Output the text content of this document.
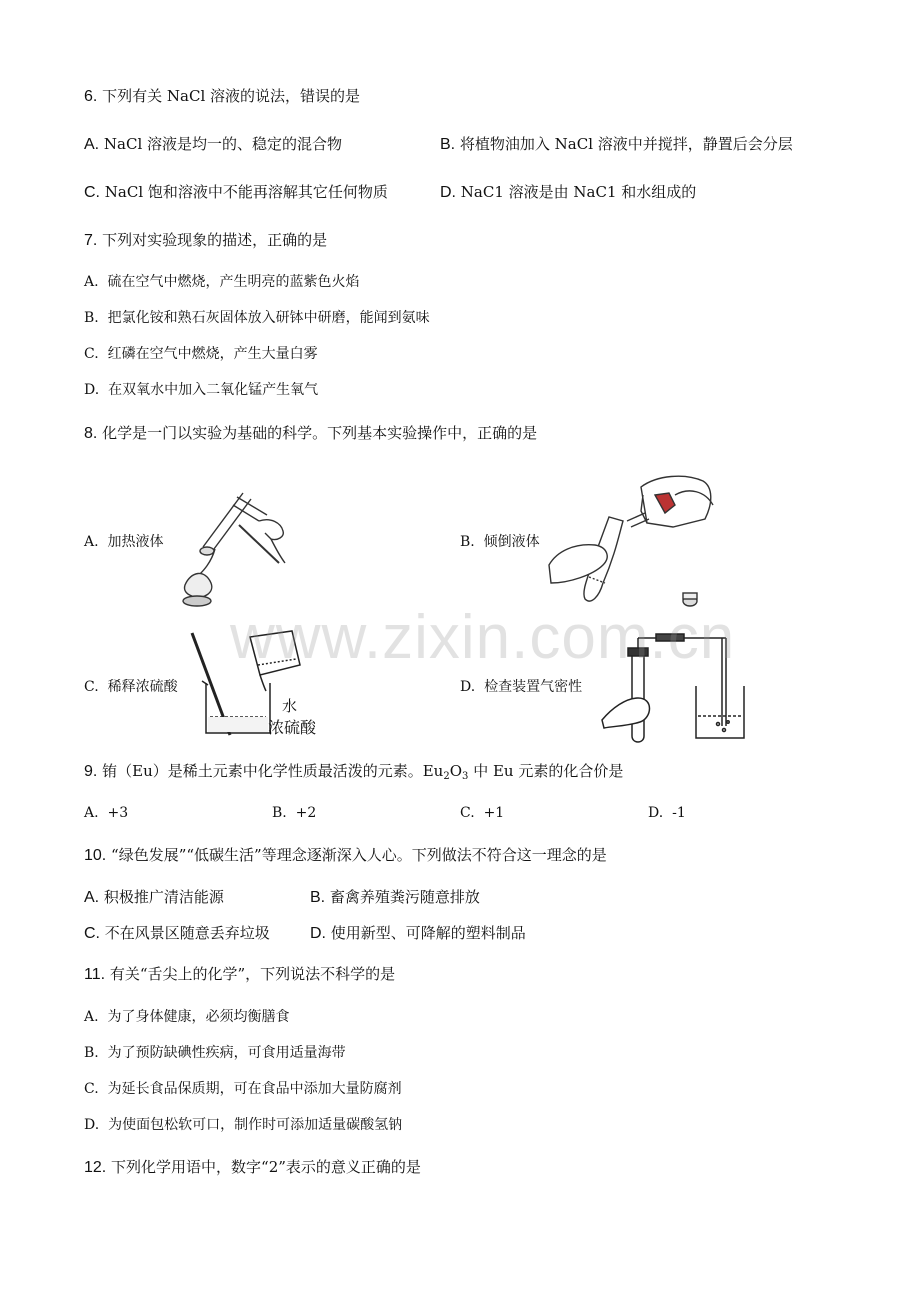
6. 下列有关 NaCl 溶液的说法，错误的是
A. NaCl 溶液是均一的、稳定的混合物	B. 将植物油加入 NaCl 溶液中并搅拌，静置后会分层
C. NaCl 饱和溶液中不能再溶解其它任何物质	D. NaC1 溶液是由 NaC1 和水组成的
7. 下列对实验现象的描述，正确的是
A. 硫在空气中燃烧，产生明亮的蓝紫色火焰
B. 把氯化铵和熟石灰固体放入研钵中研磨，能闻到氨味
C. 红磷在空气中燃烧，产生大量白雾
D. 在双氧水中加入二氧化锰产生氧气
8. 化学是一门以实验为基础的科学。下列基本实验操作中，正确的是
A. 加热液体	B. 倾倒液体
C. 稀释浓硫酸	D. 检查装置气密性
水
浓硫酸
9. 铕（Eu）是稀土元素中化学性质最活泼的元素。$Eu_2O_3$ 中 Eu 元素的化合价是
A. +3	B. +2	C. +1	D. -1
10. “绿色发展”“低碳生活”等理念逐渐深入人心。下列做法不符合这一理念的是
A. 积极推广清洁能源	B. 畜禽养殖粪污随意排放
C. 不在风景区随意丢弃垃圾	D. 使用新型、可降解的塑料制品
11. 有关“舌尖上的化学”，下列说法不科学的是
A. 为了身体健康，必须均衡膳食
B. 为了预防缺碘性疾病，可食用适量海带
C. 为延长食品保质期，可在食品中添加大量防腐剂
D. 为使面包松软可口，制作时可添加适量碳酸氢钠
12. 下列化学用语中，数字“2”表示的意义正确的是
www.zixin.com.cn
